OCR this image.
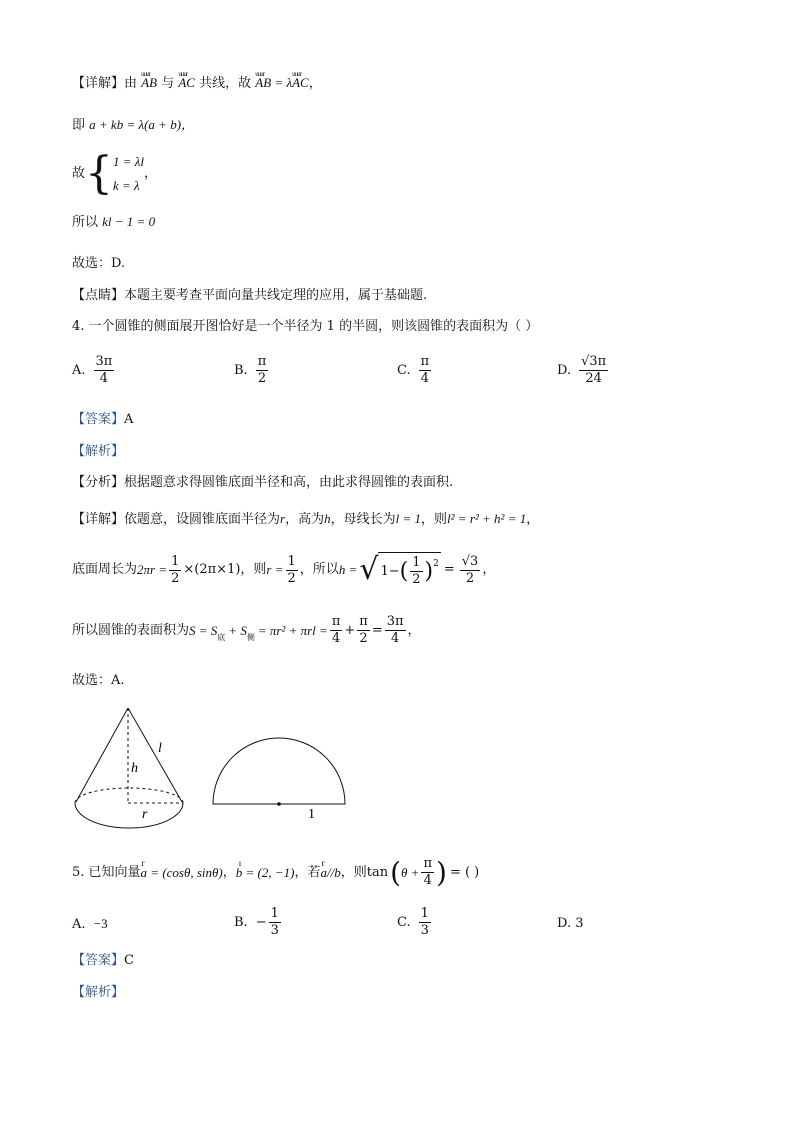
【详解】由 uuur AB 与 uuur AC 共线，故 uuur AB = λuuur AC，
即 a + kb = λ(a + b)，
故 { 1 = λl
k = λ
，
所以 kl − 1 = 0
故选：D.
【点睛】本题主要考查平面向量共线定理的应用，属于基础题.
4. 一个圆锥的侧面展开图恰好是一个半径为 1 的半圆，则该圆锥的表面积为（ ）
A. $\frac{3\pi}{4}$	B. $\frac{\pi}{2}$	C. $\frac{\pi}{4}$	D. $\frac{√3\pi}{24}$
【答案】A
【解析】
【分析】根据题意求得圆锥底面半径和高，由此求得圆锥的表面积.
【详解】依题意，设圆锥底面半径为r，高为h，母线长为l = 1，则l² = r² + h² = 1，
底面周长为 $2\pi r = \frac{1}{2} \times(2\pi\times 1)$，则 $r = \frac{1}{2}$ ，所以 h = √ 1− ( $\frac{1}{2} )^2 = \frac{√3}{2}$ ，
所以圆锥的表面积为 $S = S_底 + S_侧 = \pi r^2 + \pi rl = \frac{\pi}{4} + \frac{\pi}{2} = \frac{3\pi}{4}$ ，
故选：A.
h
l
r	1
5. 已知向量 r a = (cosθ, sinθ) ， ı b = (2, −1) ，若 r a//b ，则 tan ( $\theta + \frac{\pi}{4}$ ) = ( )
A. −3	B. − $\frac{1}{3}$	C. $\frac{1}{3}$	D. 3
【答案】C
【解析】
